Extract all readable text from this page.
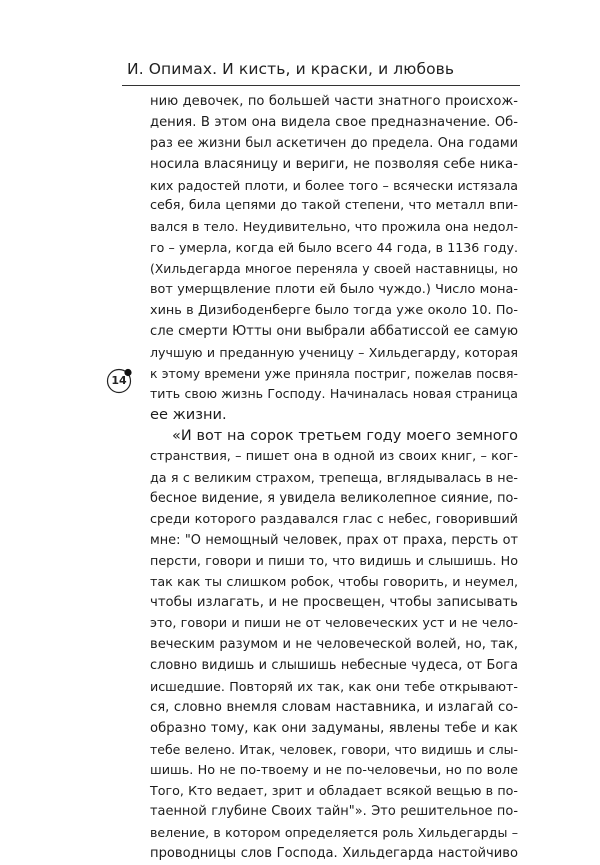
И. Опимах. И кисть, и краски, и любовь
14
нию девочек, по большей части знатного происхож-
дения. В этом она видела свое предназначение. Об-
раз ее жизни был аскетичен до предела. Она годами
носила власяницу и вериги, не позволяя себе ника-
ких радостей плоти, и более того – всячески истязала
себя, била цепями до такой степени, что металл впи-
вался в тело. Неудивительно, что прожила она недол-
го – умерла, когда ей было всего 44 года, в 1136 году.
(Хильдегарда многое переняла у своей наставницы, но
вот умерщвление плоти ей было чуждо.) Число мона-
хинь в Дизибоденберге было тогда уже около 10. По-
сле смерти Ютты они выбрали аббатиссой ее самую
лучшую и преданную ученицу – Хильдегарду, которая
к этому времени уже приняла постриг, пожелав посвя-
тить свою жизнь Господу. Начиналась новая страница
ее жизни.
«И вот на сорок третьем году моего земного
странствия, – пишет она в одной из своих книг, – ког-
да я с великим страхом, трепеща, вглядывалась в не-
бесное видение, я увидела великолепное сияние, по-
среди которого раздавался глас с небес, говоривший
мне: "О немощный человек, прах от праха, персть от
персти, говори и пиши то, что видишь и слышишь. Но
так как ты слишком робок, чтобы говорить, и неумел,
чтобы излагать, и не просвещен, чтобы записывать
это, говори и пиши не от человеческих уст и не чело-
веческим разумом и не человеческой волей, но, так,
словно видишь и слышишь небесные чудеса, от Бога
исшедшие. Повторяй их так, как они тебе открывают-
ся, словно внемля словам наставника, и излагай со-
образно тому, как они задуманы, явлены тебе и как
тебе велено. Итак, человек, говори, что видишь и слы-
шишь. Но не по-твоему и не по-человечьи, но по воле
Того, Кто ведает, зрит и обладает всякой вещью в по-
таенной глубине Своих тайн"». Это решительное по-
веление, в котором определяется роль Хильдегарды –
проводницы слов Господа. Хильдегарда настойчиво
